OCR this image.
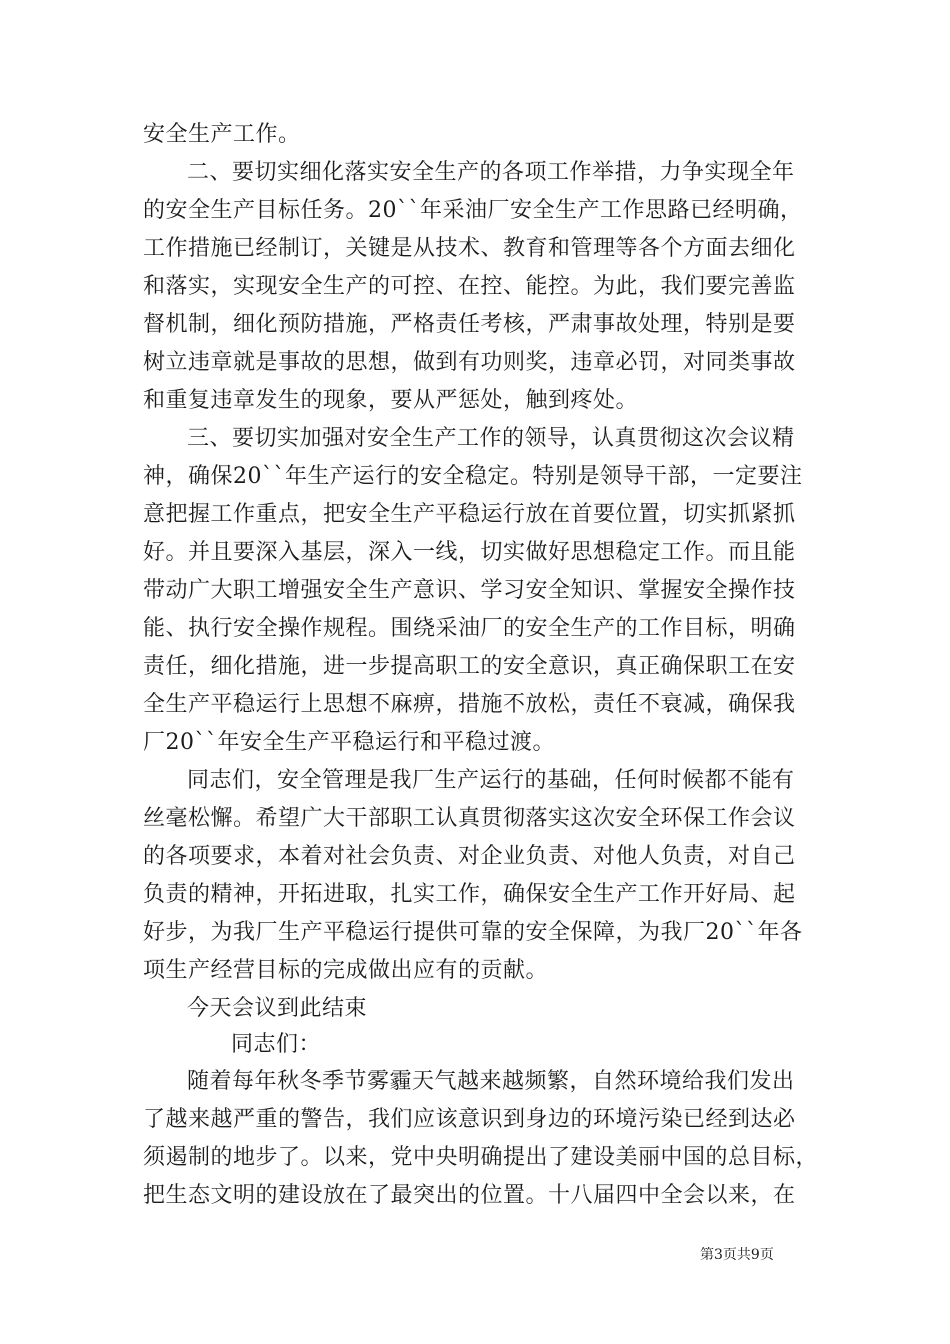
安全生产工作。
二、要切实细化落实安全生产的各项工作举措，力争实现全年
的安全生产目标任务。20``年采油厂安全生产工作思路已经明确，
工作措施已经制订，关键是从技术、教育和管理等各个方面去细化
和落实，实现安全生产的可控、在控、能控。为此，我们要完善监
督机制，细化预防措施，严格责任考核，严肃事故处理，特别是要
树立违章就是事故的思想，做到有功则奖，违章必罚，对同类事故
和重复违章发生的现象，要从严惩处，触到疼处。
三、要切实加强对安全生产工作的领导，认真贯彻这次会议精
神，确保20``年生产运行的安全稳定。特别是领导干部，一定要注
意把握工作重点，把安全生产平稳运行放在首要位置，切实抓紧抓
好。并且要深入基层，深入一线，切实做好思想稳定工作。而且能
带动广大职工增强安全生产意识、学习安全知识、掌握安全操作技
能、执行安全操作规程。围绕采油厂的安全生产的工作目标，明确
责任，细化措施，进一步提高职工的安全意识，真正确保职工在安
全生产平稳运行上思想不麻痹，措施不放松，责任不衰减，确保我
厂20``年安全生产平稳运行和平稳过渡。
同志们，安全管理是我厂生产运行的基础，任何时候都不能有
丝毫松懈。希望广大干部职工认真贯彻落实这次安全环保工作会议
的各项要求，本着对社会负责、对企业负责、对他人负责，对自己
负责的精神，开拓进取，扎实工作，确保安全生产工作开好局、起
好步，为我厂生产平稳运行提供可靠的安全保障，为我厂20``年各
项生产经营目标的完成做出应有的贡献。
今天会议到此结束
同志们：
随着每年秋冬季节雾霾天气越来越频繁，自然环境给我们发出
了越来越严重的警告，我们应该意识到身边的环境污染已经到达必
须遏制的地步了。以来，党中央明确提出了建设美丽中国的总目标，
把生态文明的建设放在了最突出的位置。十八届四中全会以来，在
第3页共9页
